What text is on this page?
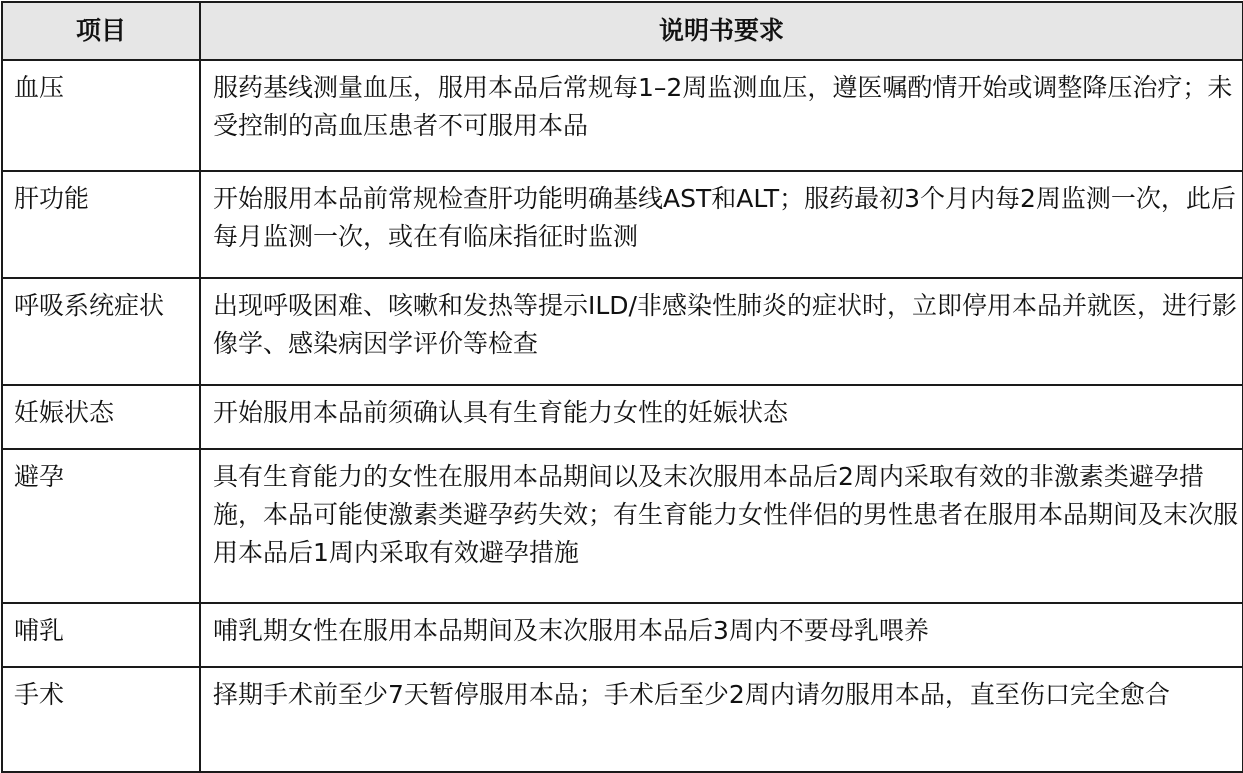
项目	说明书要求
血压	服药基线测量血压，服用本品后常规每1–2周监测血压，遵医嘱酌情开始或调整降压治疗；未受控制的高血压患者不可服用本品
肝功能	开始服用本品前常规检查肝功能明确基线AST和ALT；服药最初3个月内每2周监测一次，此后每月监测一次，或在有临床指征时监测
呼吸系统症状	出现呼吸困难、咳嗽和发热等提示ILD/非感染性肺炎的症状时，立即停用本品并就医，进行影像学、感染病因学评价等检查
妊娠状态	开始服用本品前须确认具有生育能力女性的妊娠状态
避孕	具有生育能力的女性在服用本品期间以及末次服用本品后2周内采取有效的非激素类避孕措施，本品可能使激素类避孕药失效；有生育能力女性伴侣的男性患者在服用本品期间及末次服用本品后1周内采取有效避孕措施
哺乳	哺乳期女性在服用本品期间及末次服用本品后3周内不要母乳喂养
手术	择期手术前至少7天暂停服用本品；手术后至少2周内请勿服用本品，直至伤口完全愈合
